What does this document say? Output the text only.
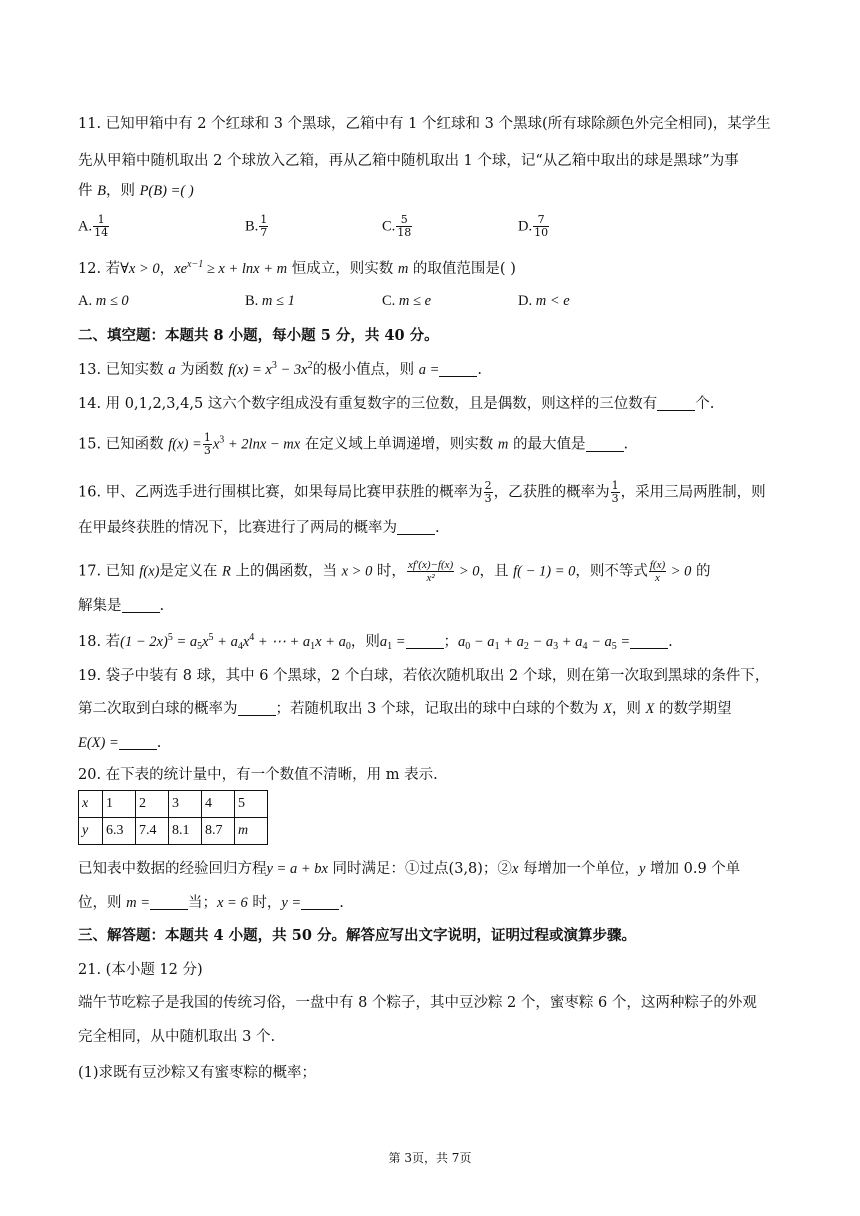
11. 已知甲箱中有 2 个红球和 3 个黑球，乙箱中有 1 个红球和 3 个黑球(所有球除颜色外完全相同)，某学生
先从甲箱中随机取出 2 个球放入乙箱，再从乙箱中随机取出 1 个球，记“从乙箱中取出的球是黑球”为事
件 B，则 P(B) =( )
A. $\frac{1}{14}$	B. $\frac{1}{7}$	C. $\frac{5}{18}$	D. $\frac{7}{10}$
12. 若∀x > 0，$xe^{x-1} \ge x + \ln x + m$ 恒成立，则实数 m 的取值范围是( )
A. m ≤ 0	B. m ≤ 1	C. m ≤ e	D. m < e
二、填空题：本题共 8 小题，每小题 5 分，共 40 分。
13. 已知实数 a 为函数 $f(x) = x^3 - 3x^2$的极小值点，则 a =	.
14. 用 0,1,2,3,4,5 这六个数字组成没有重复数字的三位数，且是偶数，则这样的三位数有	个.
15. 已知函数 $f(x) = \frac{1}{3} x^3 + 2\ln x$ − mx 在定义域上单调递增，则实数 m 的最大值是	.
16. 甲、乙两选手进行围棋比赛，如果每局比赛甲获胜的概率为 $\frac{2}{3}$ ，乙获胜的概率为 $\frac{1}{3}$ ，采用三局两胜制，则
在甲最终获胜的情况下，比赛进行了两局的概率为	.
17. 已知 f(x)是定义在 R 上的偶函数，当 x > 0 时， $\frac{xf'(x)-f(x)}{\text{x²}} > 0$，且 f( − 1) = 0，则不等式 $\frac{f(x)}{x} > 0$ 的
解集是	.
18. 若$(1 - 2x)^5 = a_5x^5 + a_4x^4$ + ⋯ + $a_1x + a_0$，则$a_1$ =	；$a_0 - a_1 + a_2 - a_3 + a_4 - a_5$ =	.
19. 袋子中装有 8 球，其中 6 个黑球，2 个白球，若依次随机取出 2 个球，则在第一次取到黑球的条件下，
第二次取到白球的概率为	；若随机取出 3 个球，记取出的球中白球的个数为 X，则 X 的数学期望
E(X) =	.
20. 在下表的统计量中，有一个数值不清晰，用 m 表示.
x	1	2	3	4	5
y	6.3	7.4	8.1	8.7	m
已知表中数据的经验回归方程y = a + bx 同时满足：①过点(3,8)；②x 每增加一个单位，y 增加 0.9 个单
位，则 m =	当；x = 6 时，y =	.
三、解答题：本题共 4 小题，共 50 分。解答应写出文字说明，证明过程或演算步骤。
21. (本小题 12 分)
端午节吃粽子是我国的传统习俗，一盘中有 8 个粽子，其中豆沙粽 2 个，蜜枣粽 6 个，这两种粽子的外观
完全相同，从中随机取出 3 个.
(1)求既有豆沙粽又有蜜枣粽的概率；
第 3页，共 7页
